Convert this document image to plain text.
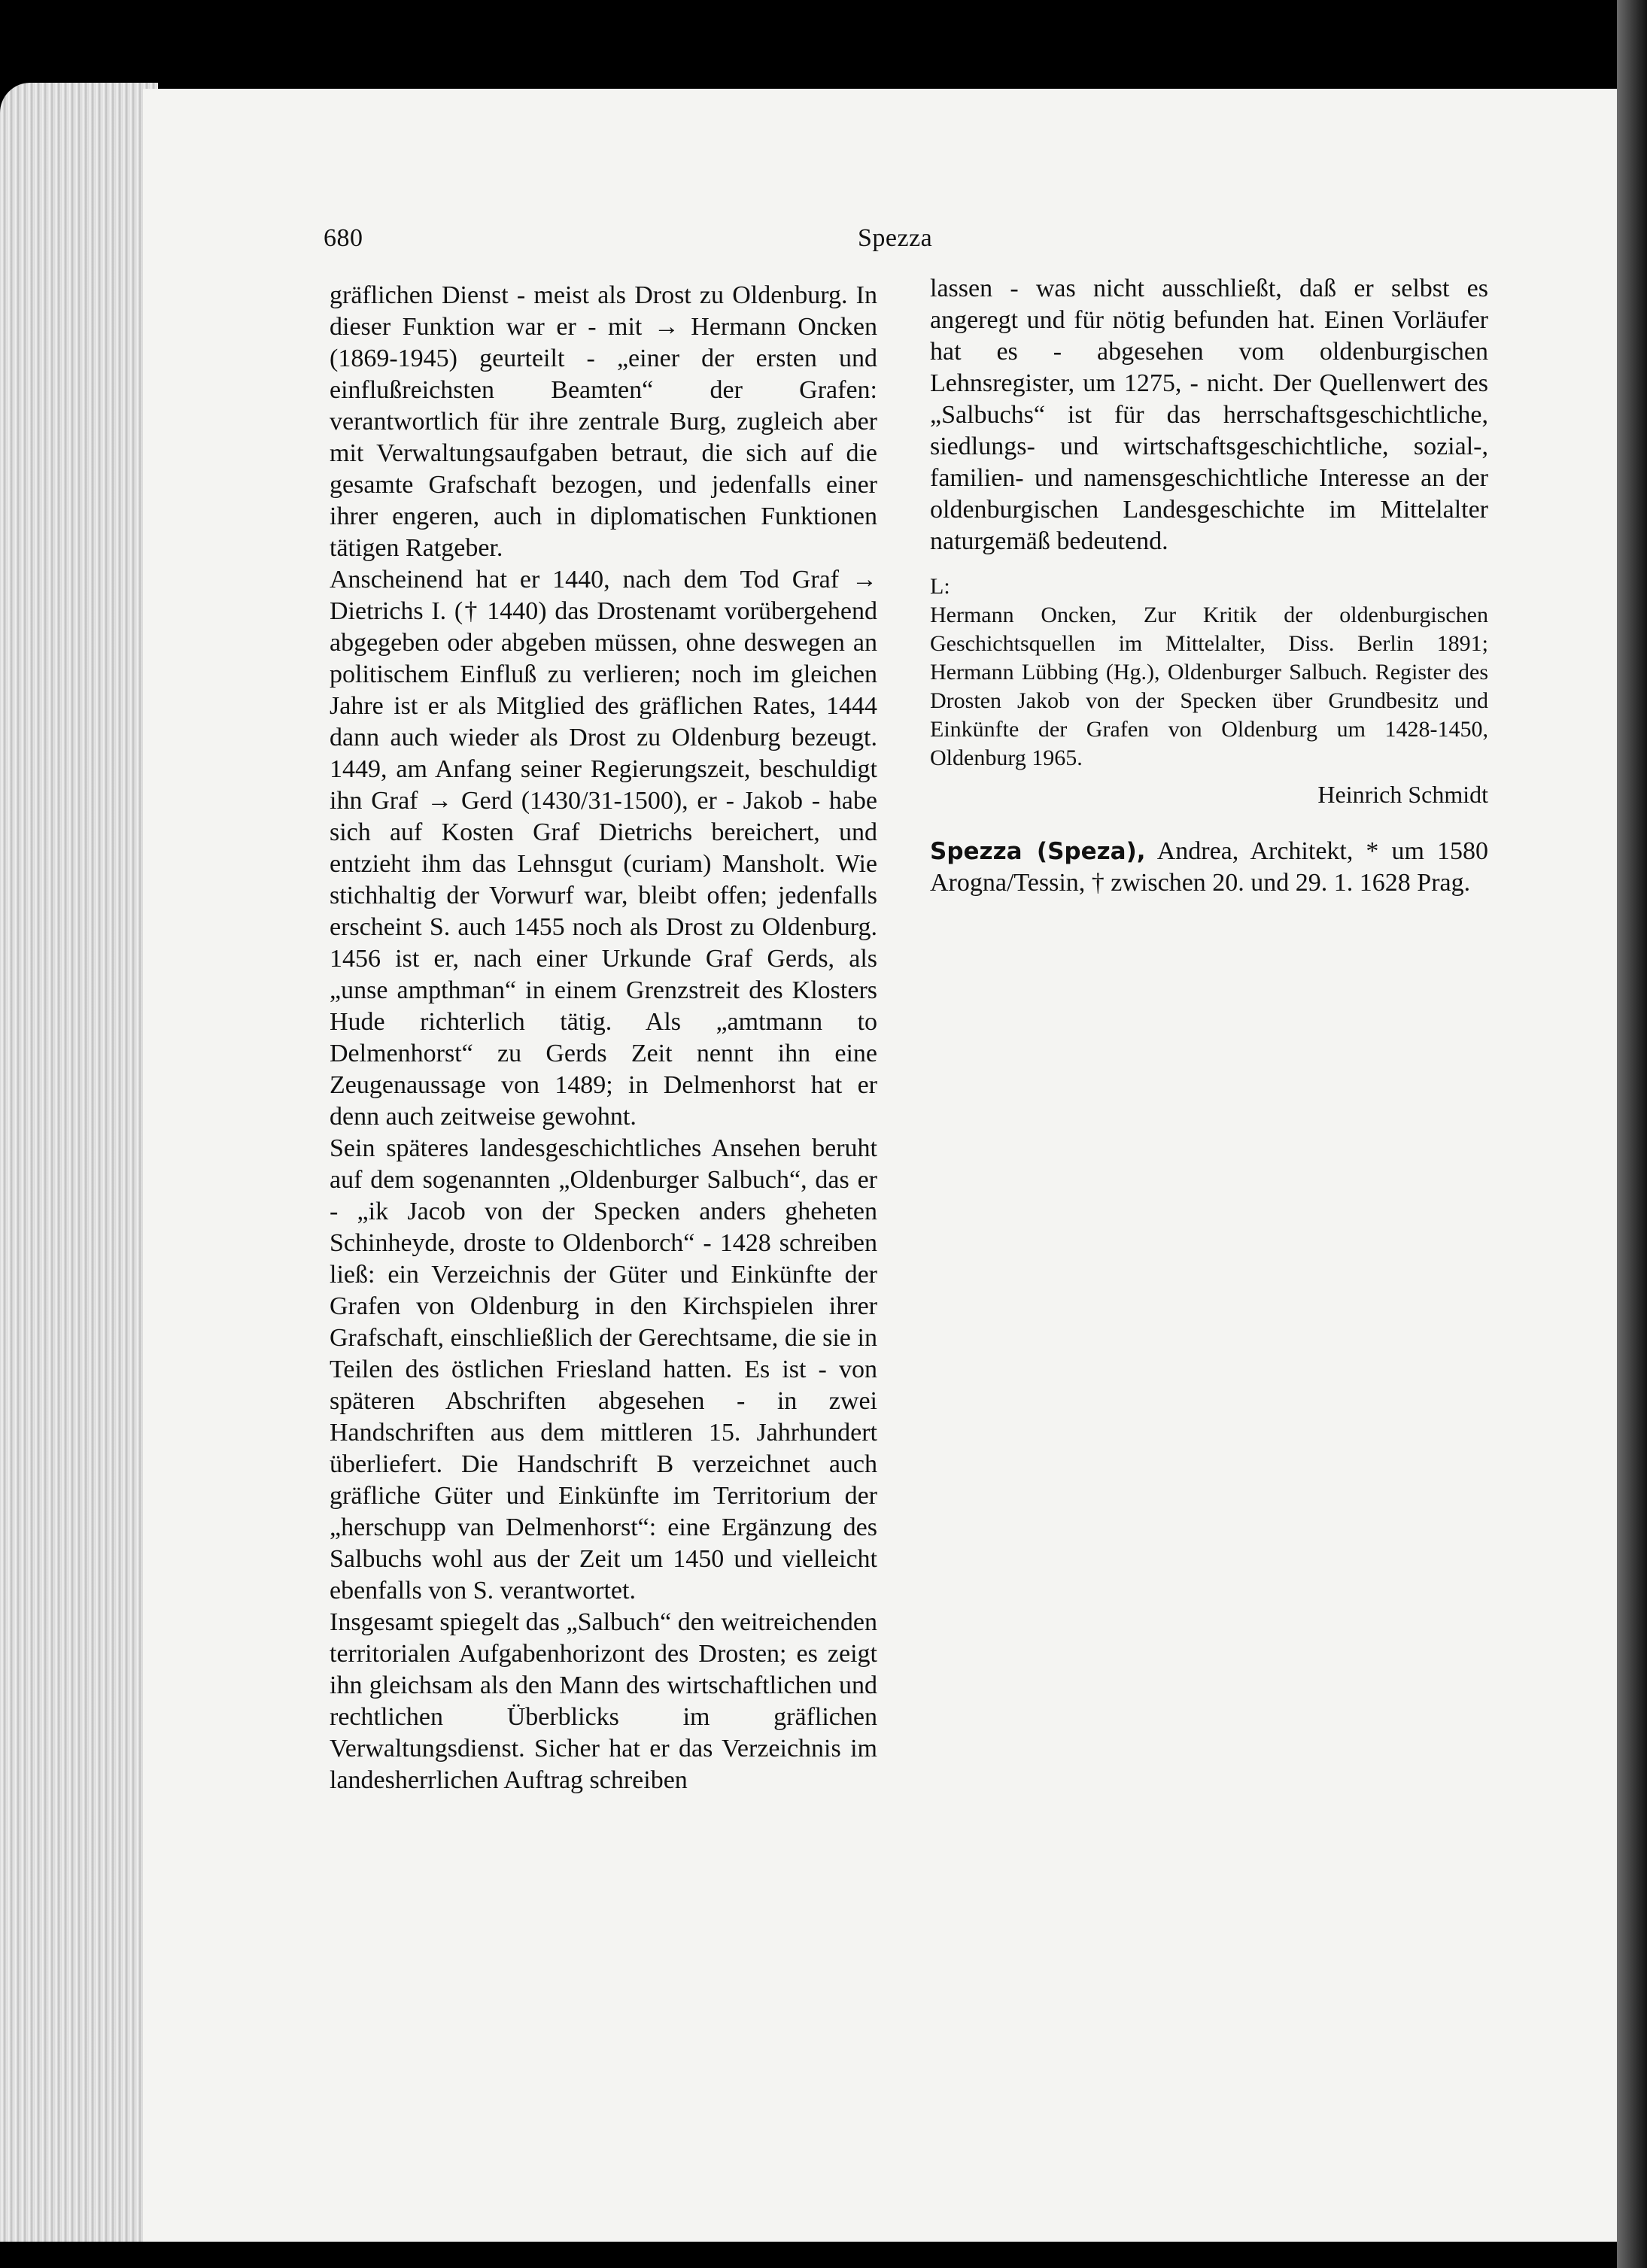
680	Spezza

gräflichen Dienst - meist als Drost zu Oldenburg. In dieser Funktion war er - mit → Hermann Oncken (1869-1945) geurteilt - „einer der ersten und einflußreichsten Beamten“ der Grafen: verantwortlich für ihre zentrale Burg, zugleich aber mit Verwaltungsaufgaben betraut, die sich auf die gesamte Grafschaft bezogen, und jedenfalls einer ihrer engeren, auch in diplomatischen Funktionen tätigen Ratgeber.

Anscheinend hat er 1440, nach dem Tod Graf → Dietrichs I. († 1440) das Drostenamt vorübergehend abgegeben oder abgeben müssen, ohne deswegen an politischem Einfluß zu verlieren; noch im gleichen Jahre ist er als Mitglied des gräflichen Rates, 1444 dann auch wieder als Drost zu Oldenburg bezeugt. 1449, am Anfang seiner Regierungszeit, beschuldigt ihn Graf → Gerd (1430/31-1500), er - Jakob - habe sich auf Kosten Graf Dietrichs bereichert, und entzieht ihm das Lehnsgut (curiam) Mansholt. Wie stichhaltig der Vorwurf war, bleibt offen; jedenfalls erscheint S. auch 1455 noch als Drost zu Oldenburg. 1456 ist er, nach einer Urkunde Graf Gerds, als „unse ampthman“ in einem Grenzstreit des Klosters Hude richterlich tätig. Als „amtmann to Delmenhorst“ zu Gerds Zeit nennt ihn eine Zeugenaussage von 1489; in Delmenhorst hat er denn auch zeitweise gewohnt.

Sein späteres landesgeschichtliches Ansehen beruht auf dem sogenannten „Oldenburger Salbuch“, das er - „ik Jacob von der Specken anders gheheten Schinheyde, droste to Oldenborch“ - 1428 schreiben ließ: ein Verzeichnis der Güter und Einkünfte der Grafen von Oldenburg in den Kirchspielen ihrer Grafschaft, einschließlich der Gerechtsame, die sie in Teilen des östlichen Friesland hatten. Es ist - von späteren Abschriften abgesehen - in zwei Handschriften aus dem mittleren 15. Jahrhundert überliefert. Die Handschrift B verzeichnet auch gräfliche Güter und Einkünfte im Territorium der „herschupp van Delmenhorst“: eine Ergänzung des Salbuchs wohl aus der Zeit um 1450 und vielleicht ebenfalls von S. verantwortet.

Insgesamt spiegelt das „Salbuch“ den weitreichenden territorialen Aufgabenhorizont des Drosten; es zeigt ihn gleichsam als den Mann des wirtschaftlichen und rechtlichen Überblicks im gräflichen Verwaltungsdienst. Sicher hat er das Verzeichnis im landesherrlichen Auftrag schreiben

lassen - was nicht ausschließt, daß er selbst es angeregt und für nötig befunden hat. Einen Vorläufer hat es - abgesehen vom oldenburgischen Lehnsregister, um 1275, - nicht. Der Quellenwert des „Salbuchs“ ist für das herrschaftsgeschichtliche, siedlungs- und wirtschaftsgeschichtliche, sozial-, familien- und namensgeschichtliche Interesse an der oldenburgischen Landesgeschichte im Mittelalter naturgemäß bedeutend.

L:

Hermann Oncken, Zur Kritik der oldenburgischen Geschichtsquellen im Mittelalter, Diss. Berlin 1891; Hermann Lübbing (Hg.), Oldenburger Salbuch. Register des Drosten Jakob von der Specken über Grundbesitz und Einkünfte der Grafen von Oldenburg um 1428-1450, Oldenburg 1965.

Heinrich Schmidt

Spezza (Speza), Andrea, Architekt, * um 1580 Arogna/Tessin, † zwischen 20. und 29. 1. 1628 Prag.
